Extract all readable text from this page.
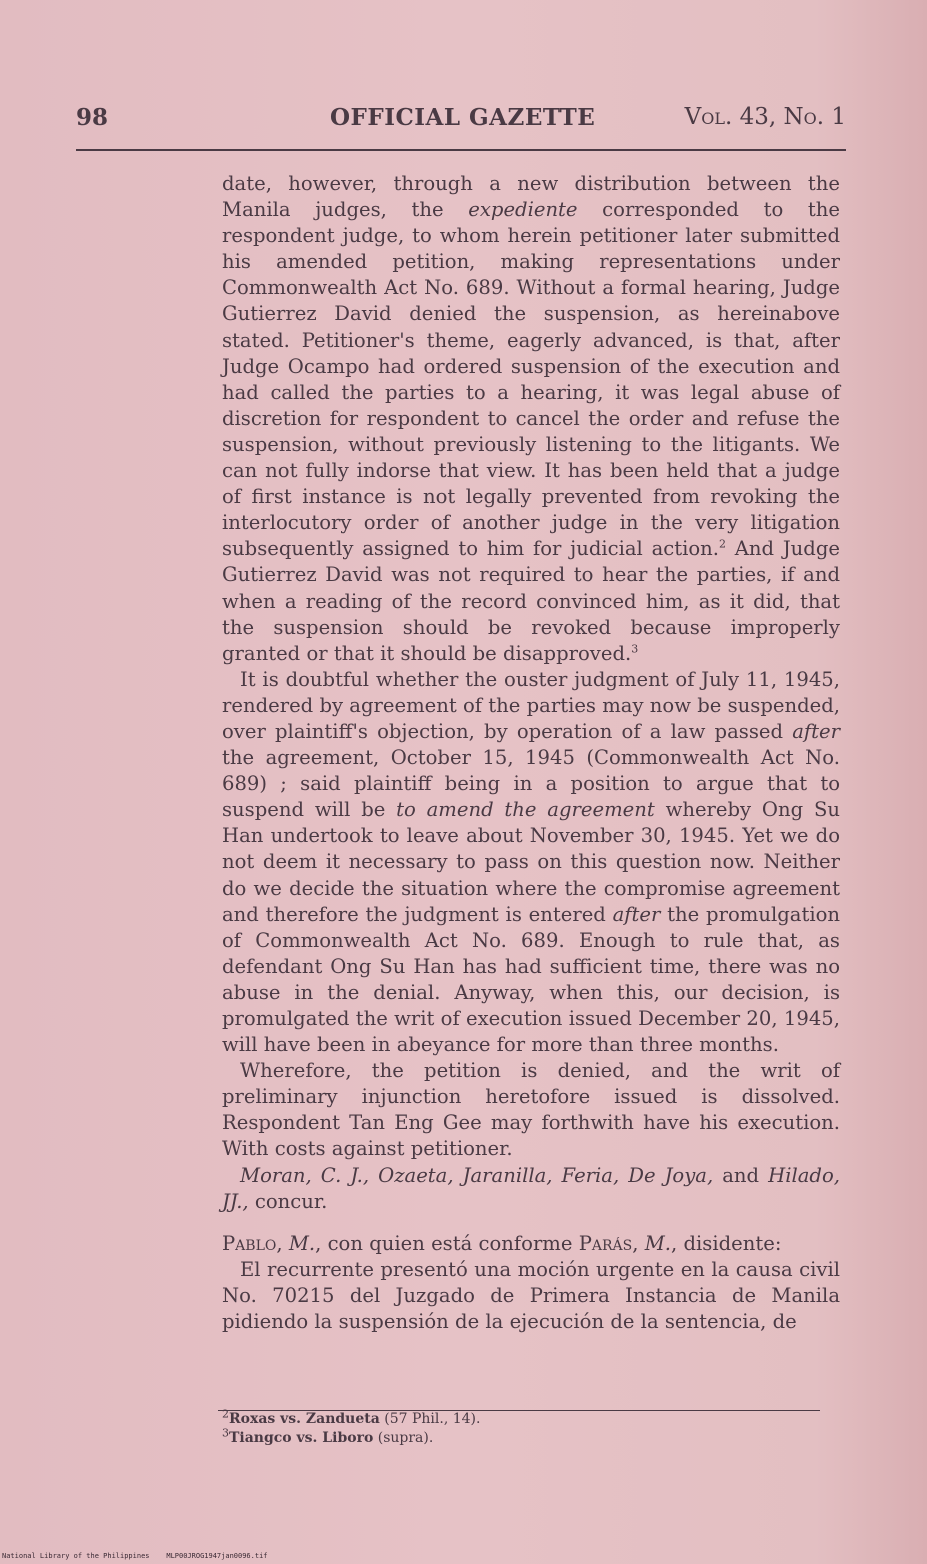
98	OFFICIAL GAZETTE	Vol. 43, No. 1

date, however, through a new distribution between the Manila judges, the expediente corresponded to the respondent judge, to whom herein petitioner later submitted his amended petition, making representations under Commonwealth Act No. 689. Without a formal hearing, Judge Gutierrez David denied the suspension, as hereinabove stated. Petitioner's theme, eagerly advanced, is that, after Judge Ocampo had ordered suspension of the execution and had called the parties to a hearing, it was legal abuse of discretion for respondent to cancel the order and refuse the suspension, without previously listening to the litigants. We can not fully indorse that view. It has been held that a judge of first instance is not legally prevented from revoking the interlocutory order of another judge in the very litigation subsequently assigned to him for judicial action.$^2$ And Judge Gutierrez David was not required to hear the parties, if and when a reading of the record convinced him, as it did, that the suspension should be revoked because improperly granted or that it should be disapproved.$^3$

It is doubtful whether the ouster judgment of July 11, 1945, rendered by agreement of the parties may now be suspended, over plaintiff's objection, by operation of a law passed after the agreement, October 15, 1945 (Commonwealth Act No. 689) ; said plaintiff being in a position to argue that to suspend will be to amend the agreement whereby Ong Su Han undertook to leave about November 30, 1945. Yet we do not deem it necessary to pass on this question now. Neither do we decide the situation where the compromise agreement and therefore the judgment is entered after the promulgation of Commonwealth Act No. 689. Enough to rule that, as defendant Ong Su Han has had sufficient time, there was no abuse in the denial. Anyway, when this, our decision, is promulgated the writ of execution issued December 20, 1945, will have been in abeyance for more than three months.

Wherefore, the petition is denied, and the writ of preliminary injunction heretofore issued is dissolved. Respondent Tan Eng Gee may forthwith have his execution. With costs against petitioner.

Moran, C. J., Ozaeta, Jaranilla, Feria, De Joya, and Hilado, JJ., concur.

Pablo, M., con quien está conforme Parás, M., disidente:

El recurrente presentó una moción urgente en la causa civil No. 70215 del Juzgado de Primera Instancia de Manila pidiendo la suspensión de la ejecución de la sentencia, de

$^2$Roxas vs. Zandueta (57 Phil., 14).
$^3$Tiangco vs. Liboro (supra).
National Library of the Philippines    MLP00JROG1947jan0096.tif
